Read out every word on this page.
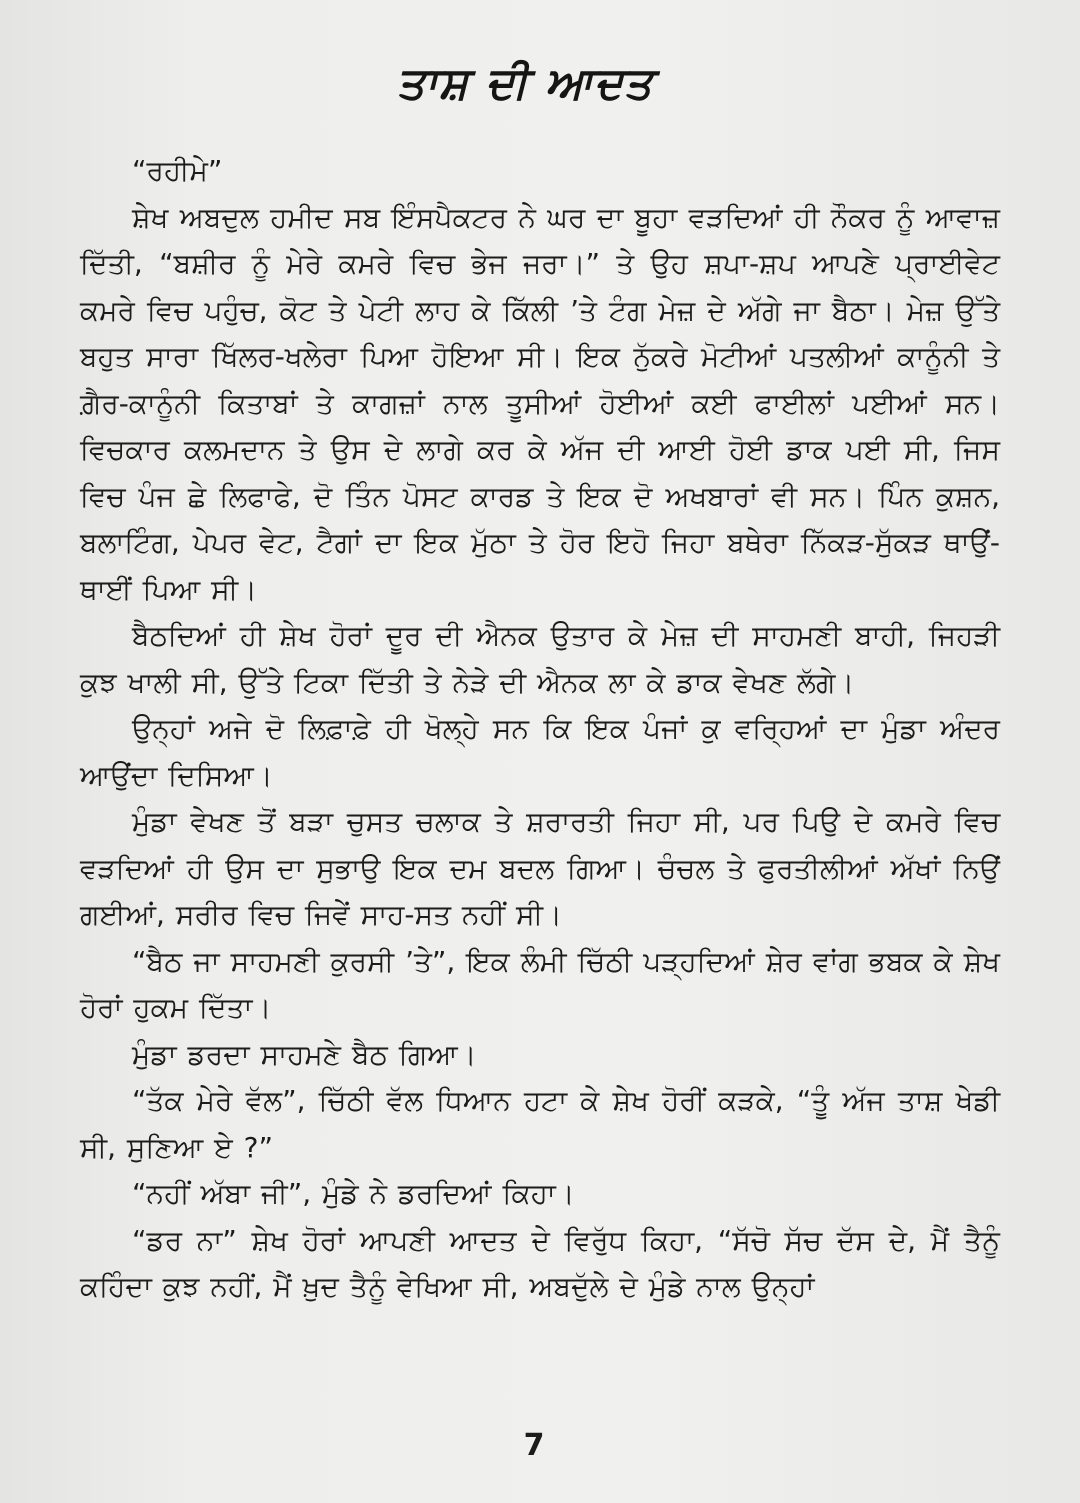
ਤਾਸ਼ ਦੀ ਆਦਤ

“ਰਹੀਮੇ”

ਸ਼ੇਖ ਅਬਦੁਲ ਹਮੀਦ ਸਬ ਇੰਸਪੈਕਟਰ ਨੇ ਘਰ ਦਾ ਬੂਹਾ ਵੜਦਿਆਂ ਹੀ ਨੌਕਰ ਨੂੰ ਆਵਾਜ਼ ਦਿੱਤੀ, “ਬਸ਼ੀਰ ਨੂੰ ਮੇਰੇ ਕਮਰੇ ਵਿਚ ਭੇਜ ਜਰਾ।” ਤੇ ਉਹ ਸ਼ਪਾ-ਸ਼ਪ ਆਪਣੇ ਪ੍ਰਾਈਵੇਟ ਕਮਰੇ ਵਿਚ ਪਹੁੰਚ, ਕੋਟ ਤੇ ਪੇਟੀ ਲਾਹ ਕੇ ਕਿੱਲੀ ’ਤੇ ਟੰਗ ਮੇਜ਼ ਦੇ ਅੱਗੇ ਜਾ ਬੈਠਾ। ਮੇਜ਼ ਉੱਤੇ ਬਹੁਤ ਸਾਰਾ ਖਿੱਲਰ-ਖਲੇਰਾ ਪਿਆ ਹੋਇਆ ਸੀ। ਇਕ ਨੁੱਕਰੇ ਮੋਟੀਆਂ ਪਤਲੀਆਂ ਕਾਨੂੰਨੀ ਤੇ ਗ਼ੈਰ-ਕਾਨੂੰਨੀ ਕਿਤਾਬਾਂ ਤੇ ਕਾਗਜ਼ਾਂ ਨਾਲ ਤੂਸੀਆਂ ਹੋਈਆਂ ਕਈ ਫਾਈਲਾਂ ਪਈਆਂ ਸਨ। ਵਿਚਕਾਰ ਕਲਮਦਾਨ ਤੇ ਉਸ ਦੇ ਲਾਗੇ ਕਰ ਕੇ ਅੱਜ ਦੀ ਆਈ ਹੋਈ ਡਾਕ ਪਈ ਸੀ, ਜਿਸ ਵਿਚ ਪੰਜ ਛੇ ਲਿਫਾਫੇ, ਦੋ ਤਿੰਨ ਪੋਸਟ ਕਾਰਡ ਤੇ ਇਕ ਦੋ ਅਖਬਾਰਾਂ ਵੀ ਸਨ। ਪਿੰਨ ਕੁਸ਼ਨ, ਬਲਾਟਿੰਗ, ਪੇਪਰ ਵੇਟ, ਟੈਗਾਂ ਦਾ ਇਕ ਮੁੱਠਾ ਤੇ ਹੋਰ ਇਹੋ ਜਿਹਾ ਬਥੇਰਾ ਨਿੱਕੜ-ਸੁੱਕੜ ਥਾਉਂ-ਥਾਈਂ ਪਿਆ ਸੀ।

ਬੈਠਦਿਆਂ ਹੀ ਸ਼ੇਖ ਹੋਰਾਂ ਦੂਰ ਦੀ ਐਨਕ ਉਤਾਰ ਕੇ ਮੇਜ਼ ਦੀ ਸਾਹਮਣੀ ਬਾਹੀ, ਜਿਹੜੀ ਕੁਝ ਖਾਲੀ ਸੀ, ਉੱਤੇ ਟਿਕਾ ਦਿੱਤੀ ਤੇ ਨੇੜੇ ਦੀ ਐਨਕ ਲਾ ਕੇ ਡਾਕ ਵੇਖਣ ਲੱਗੇ।

ਉਨ੍ਹਾਂ ਅਜੇ ਦੋ ਲਿਫ਼ਾਫ਼ੇ ਹੀ ਖੋਲ੍ਹੇ ਸਨ ਕਿ ਇਕ ਪੰਜਾਂ ਕੁ ਵਰ੍ਹਿਆਂ ਦਾ ਮੁੰਡਾ ਅੰਦਰ ਆਉਂਦਾ ਦਿਸਿਆ।

ਮੁੰਡਾ ਵੇਖਣ ਤੋਂ ਬੜਾ ਚੁਸਤ ਚਲਾਕ ਤੇ ਸ਼ਰਾਰਤੀ ਜਿਹਾ ਸੀ, ਪਰ ਪਿਉ ਦੇ ਕਮਰੇ ਵਿਚ ਵੜਦਿਆਂ ਹੀ ਉਸ ਦਾ ਸੁਭਾਉ ਇਕ ਦਮ ਬਦਲ ਗਿਆ। ਚੰਚਲ ਤੇ ਫੁਰਤੀਲੀਆਂ ਅੱਖਾਂ ਨਿਉਂ ਗਈਆਂ, ਸਰੀਰ ਵਿਚ ਜਿਵੇਂ ਸਾਹ-ਸਤ ਨਹੀਂ ਸੀ।

“ਬੈਠ ਜਾ ਸਾਹਮਣੀ ਕੁਰਸੀ ’ਤੇ”, ਇਕ ਲੰਮੀ ਚਿੱਠੀ ਪੜ੍ਹਦਿਆਂ ਸ਼ੇਰ ਵਾਂਗ ਭਬਕ ਕੇ ਸ਼ੇਖ ਹੋਰਾਂ ਹੁਕਮ ਦਿੱਤਾ।

ਮੁੰਡਾ ਡਰਦਾ ਸਾਹਮਣੇ ਬੈਠ ਗਿਆ।

“ਤੱਕ ਮੇਰੇ ਵੱਲ”, ਚਿੱਠੀ ਵੱਲ ਧਿਆਨ ਹਟਾ ਕੇ ਸ਼ੇਖ ਹੋਰੀਂ ਕੜਕੇ, “ਤੂੰ ਅੱਜ ਤਾਸ਼ ਖੇਡੀ ਸੀ, ਸੁਣਿਆ ਏ ?”

“ਨਹੀਂ ਅੱਬਾ ਜੀ”, ਮੁੰਡੇ ਨੇ ਡਰਦਿਆਂ ਕਿਹਾ।

“ਡਰ ਨਾ” ਸ਼ੇਖ ਹੋਰਾਂ ਆਪਣੀ ਆਦਤ ਦੇ ਵਿਰੁੱਧ ਕਿਹਾ, “ਸੱਚੋ ਸੱਚ ਦੱਸ ਦੇ, ਮੈਂ ਤੈਨੂੰ ਕਹਿੰਦਾ ਕੁਝ ਨਹੀਂ, ਮੈਂ ਖ਼ੁਦ ਤੈਨੂੰ ਵੇਖਿਆ ਸੀ, ਅਬਦੁੱਲੇ ਦੇ ਮੁੰਡੇ ਨਾਲ ਉਨ੍ਹਾਂ

7
